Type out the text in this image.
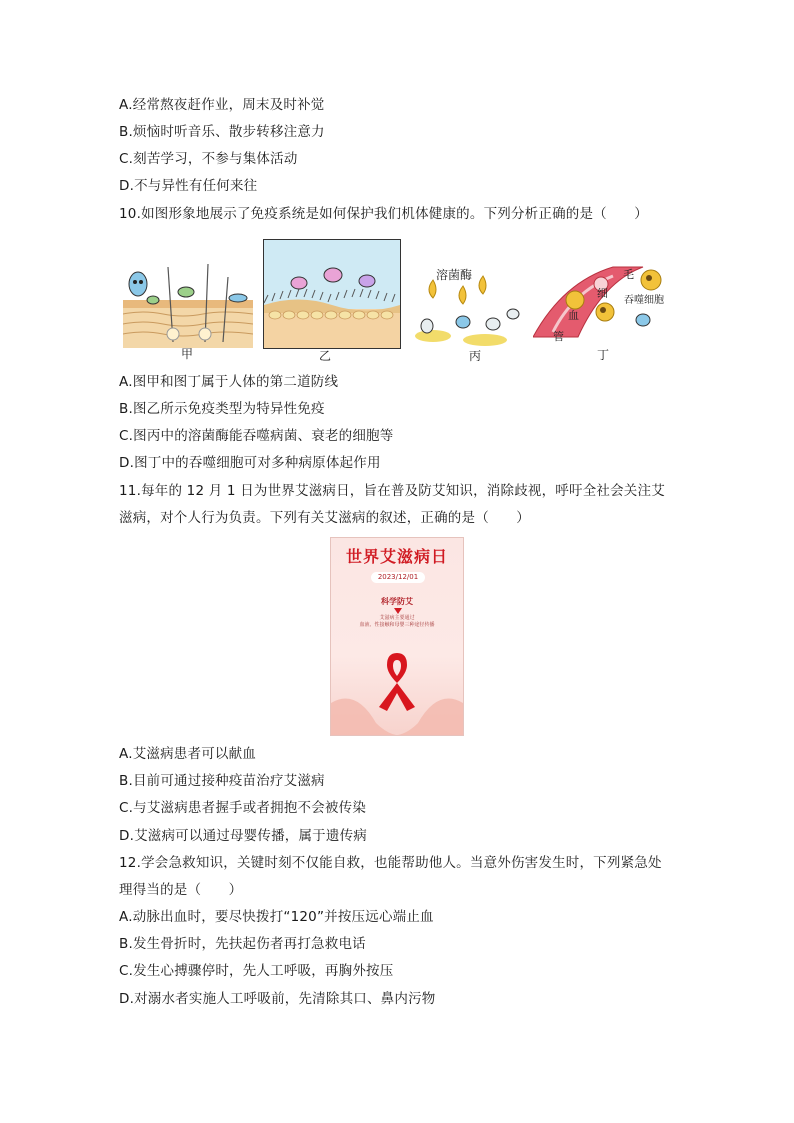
A.经常熬夜赶作业，周末及时补觉
B.烦恼时听音乐、散步转移注意力
C.刻苦学习，不参与集体活动
D.不与异性有任何来往
10.如图形象地展示了免疫系统是如何保护我们机体健康的。下列分析正确的是（　　）
甲	乙
溶菌酶
丙
毛
细
血
管
吞噬细胞
丁
A.图甲和图丁属于人体的第二道防线
B.图乙所示免疫类型为特异性免疫
C.图丙中的溶菌酶能吞噬病菌、衰老的细胞等
D.图丁中的吞噬细胞可对多种病原体起作用
11.每年的 12 月 1 日为世界艾滋病日，旨在普及防艾知识，消除歧视，呼吁全社会关注艾
滋病，对个人行为负责。下列有关艾滋病的叙述，正确的是（　　）
世界艾滋病日
2023/12/01
科学防艾
艾滋病主要通过
血液、性接触和母婴三种途径传播
A.艾滋病患者可以献血
B.目前可通过接种疫苗治疗艾滋病
C.与艾滋病患者握手或者拥抱不会被传染
D.艾滋病可以通过母婴传播，属于遗传病
12.学会急救知识，关键时刻不仅能自救，也能帮助他人。当意外伤害发生时，下列紧急处
理得当的是（　　）
A.动脉出血时，要尽快拨打“120”并按压远心端止血
B.发生骨折时，先扶起伤者再打急救电话
C.发生心搏骤停时，先人工呼吸，再胸外按压
D.对溺水者实施人工呼吸前，先清除其口、鼻内污物
